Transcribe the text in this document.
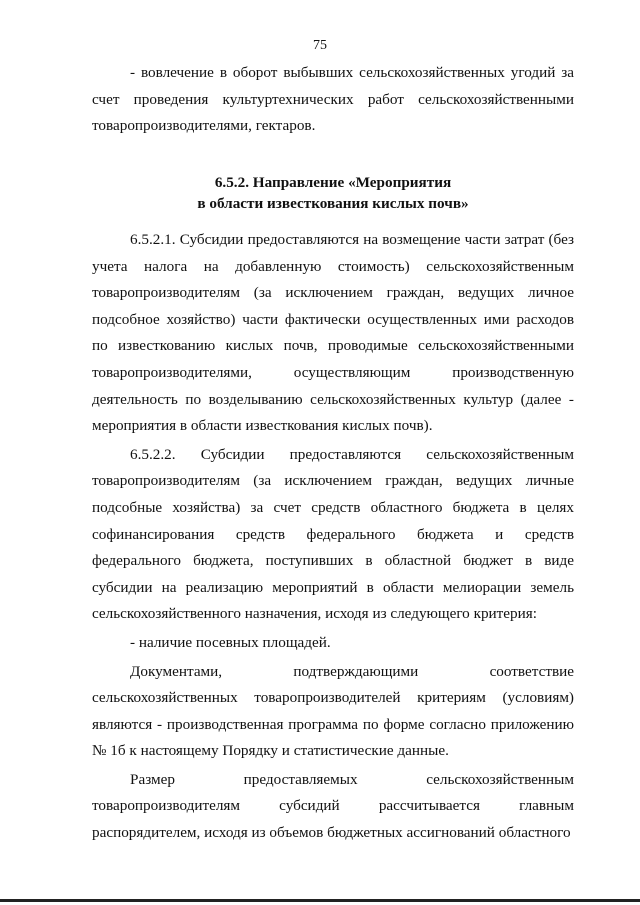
75

- вовлечение в оборот выбывших сельскохозяйственных угодий за счет проведения культуртехнических работ сельскохозяйственными товаропроизводителями, гектаров.

6.5.2. Направление «Мероприятия
в области известкования кислых почв»

6.5.2.1. Субсидии предоставляются на возмещение части затрат (без учета налога на добавленную стоимость) сельскохозяйственным товаропроизводителям (за исключением граждан, ведущих личное подсобное хозяйство) части фактически осуществленных ими расходов по известкованию кислых почв, проводимые сельскохозяйственными товаропроизводителями, осуществляющим производственную деятельность по возделыванию сельскохозяйственных культур (далее - мероприятия в области известкования кислых почв).

6.5.2.2. Субсидии предоставляются сельскохозяйственным товаропроизводителям (за исключением граждан, ведущих личные подсобные хозяйства) за счет средств областного бюджета в целях софинансирования средств федерального бюджета и средств федерального бюджета, поступивших в областной бюджет в виде субсидии на реализацию мероприятий в области мелиорации земель сельскохозяйственного назначения, исходя из следующего критерия:

- наличие посевных площадей.

Документами, подтверждающими соответствие сельскохозяйственных товаропроизводителей критериям (условиям) являются - производственная программа по форме согласно приложению № 1б к настоящему Порядку и статистические данные.

Размер предоставляемых сельскохозяйственным товаропроизводителям субсидий рассчитывается главным распорядителем, исходя из объемов бюджетных ассигнований областного
